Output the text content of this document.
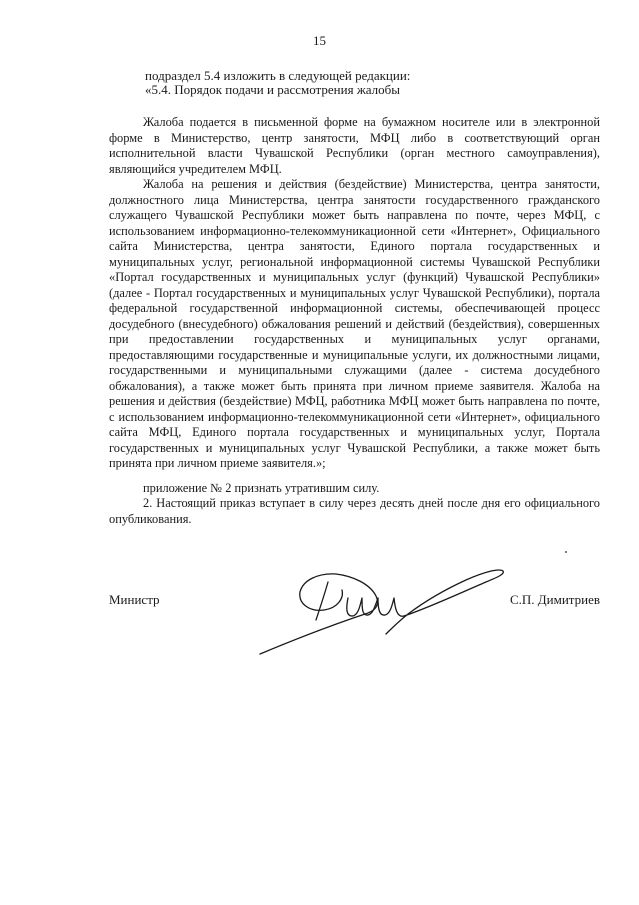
15
подраздел 5.4 изложить в следующей редакции:
«5.4. Порядок подачи и рассмотрения жалобы

Жалоба подается в письменной форме на бумажном носителе или в электронной форме в Министерство, центр занятости, МФЦ либо в соответствующий орган исполнительной власти Чувашской Республики (орган местного самоуправления), являющийся учредителем МФЦ.

Жалоба на решения и действия (бездействие) Министерства, центра занятости, должностного лица Министерства, центра занятости государственного гражданского служащего Чувашской Республики может быть направлена по почте, через МФЦ, с использованием информационно-телекоммуникационной сети «Интернет», Официального сайта Министерства, центра занятости, Единого портала государственных и муниципальных услуг, региональной информационной системы Чувашской Республики «Портал государственных и муниципальных услуг (функций) Чувашской Республики» (далее - Портал государственных и муниципальных услуг Чувашской Республики), портала федеральной государственной информационной системы, обеспечивающей процесс досудебного (внесудебного) обжалования решений и действий (бездействия), совершенных при предоставлении государственных и муниципальных услуг органами, предоставляющими государственные и муниципальные услуги, их должностными лицами, государственными и муниципальными служащими (далее - система досудебного обжалования), а также может быть принята при личном приеме заявителя. Жалоба на решения и действия (бездействие) МФЦ, работника МФЦ может быть направлена по почте, с использованием информационно-телекоммуникационной сети «Интернет», официального сайта МФЦ, Единого портала государственных и муниципальных услуг, Портала государственных и муниципальных услуг Чувашской Республики, а также может быть принята при личном приеме заявителя.»;

приложение № 2 признать утратившим силу.

2. Настоящий приказ вступает в силу через десять дней после дня его официального опубликования.

Министр	С.П. Димитриев
